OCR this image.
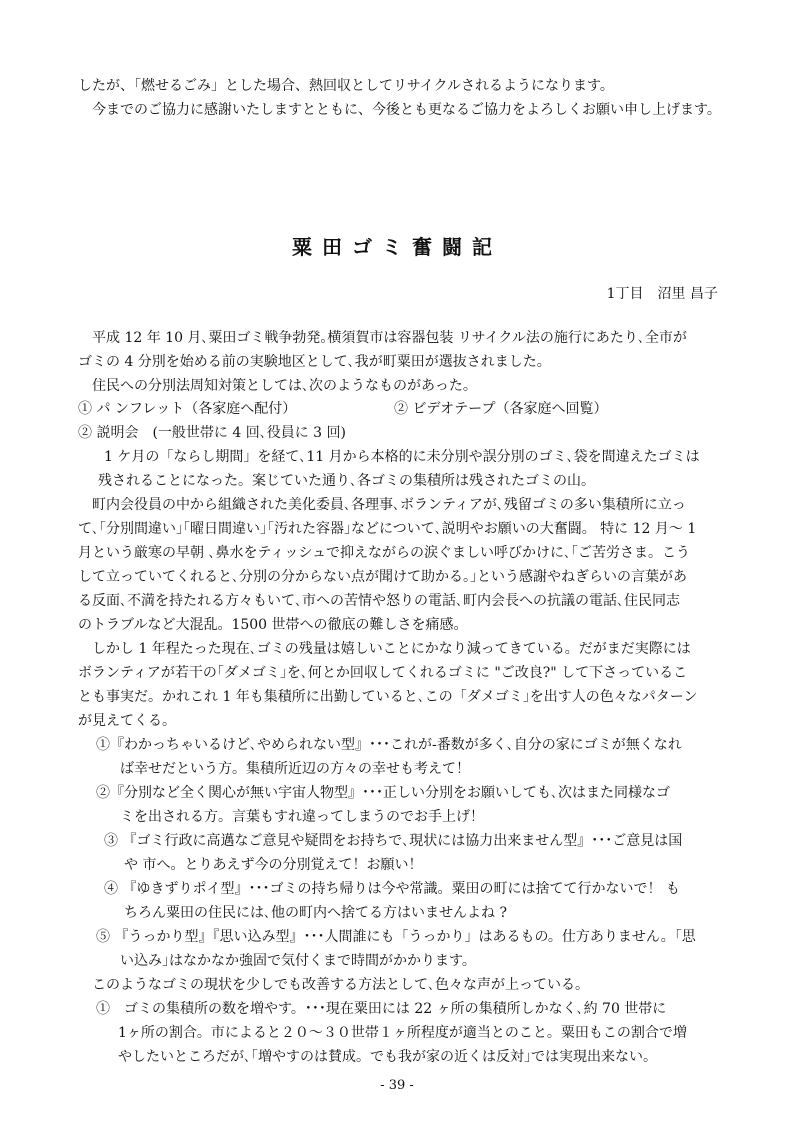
したが、「燃せるごみ」とした場合、熱回収としてリサイクルされるようになります。
今までのご協力に感謝いたしますとともに、今後とも更なるご協力をよろしくお願い申し上げます。
粟田ゴミ奮闘記
1丁目　沼里 昌子
平成 12 年 10 月､粟田ゴミ戦争勃発｡横須賀市は容器包装 リサイクル法の施行にあたり､全市が
ゴミの 4 分別を始める前の実験地区として､我が町粟田が選抜されました。
住民への分別法周知対策としては､次のようなものがあった。
① パ ンフレット（各家庭へ配付）	② ビデオテープ（各家庭へ回覧）
② 説明会　(一般世帯に 4 回､役員に 3 回)
1 ケ月の「ならし期間」を経て､11 月から本格的に未分別や誤分別のゴミ､袋を間違えたゴミは
残されることになった。案じていた通り､各ゴミの集積所は残されたゴミの山。
町内会役員の中から組織された美化委員､各理事､ボランティアが､残留ゴミの多い集積所に立っ
て､｢分別間違い｣｢曜日間違い｣｢汚れた容器｣などについて､説明やお願いの大奮闘。 特に 12 月～ 1
月という厳寒の早朝 ､鼻水をティッシュで抑えながらの涙ぐましい呼びかけに､｢ご苦労さま。こう
して立っていてくれると､分別の分からない点が聞けて助かる。｣という感謝やねぎらいの言葉があ
る反面､不満を持たれる方々もいて､市への苦情や怒りの電話､町内会長への抗議の電話､住民同志
のトラブルなど大混乱。1500 世帯への徹底の難しさを痛感。
しかし 1 年程たった現在､ゴミの残量は嬉しいことにかなり減ってきている。だがまだ実際には
ボランティアが若干の｢ダメゴミ｣を､何とか回収してくれるゴミに "ご改良?" して下さっているこ
とも事実だ。かれこれ 1 年も集積所に出勤していると､この「ダメゴミ｣を出す人の色々なパターン
が見えてくる。
①『わかっちゃいるけど､やめられない型』･･･これが-番数が多く､自分の家にゴミが無くなれ
ば幸せだという方。集積所近辺の方々の幸せも考えて！
②『分別など全く関心が無い宇宙人物型』･･･正しい分別をお願いしても､次はまた同様なゴ
ミを出される方。言葉もすれ違ってしまうのでお手上げ！
③ 『ゴミ行政に高邁なご意見や疑問をお持ちで､現状には協力出来ません型』･･･ご意見は国
や 市へ。とりあえず今の分別覚えて！お願い！
④ 『ゆきずりポイ型』･･･ゴミの持ち帰りは今や常識。粟田の町には捨てて行かないで！ も
ちろん粟田の住民には､他の町内へ捨てる方はいませんよね ?
⑤ 『うっかり型』『思い込み型』･･･人間誰にも「うっかり」はあるもの。仕方ありません。｢思
い込み｣はなかなか強固で気付くまで時間がかかります。
このようなゴミの現状を少しでも改善する方法として､色々な声が上っている。
①　ゴミの集積所の数を増やす。･･･現在粟田には 22 ヶ所の集積所しかなく､約 70 世帯に
1ヶ所の割合。市によると２０～３０世帯１ヶ所程度が適当とのこと。粟田もこの割合で増
やしたいところだが､｢増やすのは賛成。でも我が家の近くは反対｣では実現出来ない。
- 39 -
